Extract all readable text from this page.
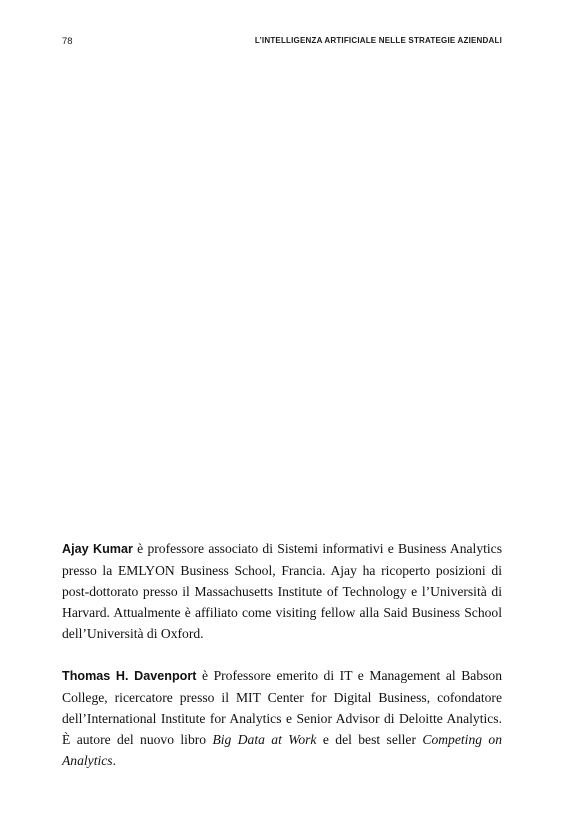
78	L’INTELLIGENZA ARTIFICIALE NELLE STRATEGIE AZIENDALI

Ajay Kumar è professore associato di Sistemi informativi e Business Analytics presso la EMLYON Business School, Francia. Ajay ha ricoperto posizioni di post-dottorato presso il Massachusetts Institute of Technology e l’Università di Harvard. Attualmente è affiliato come visiting fellow alla Said Business School dell’Università di Oxford.

Thomas H. Davenport è Professore emerito di IT e Management al Babson College, ricercatore presso il MIT Center for Digital Business, cofondatore dell’International Institute for Analytics e Senior Advisor di Deloitte Analytics. È autore del nuovo libro Big Data at Work e del best seller Competing on Analytics.
